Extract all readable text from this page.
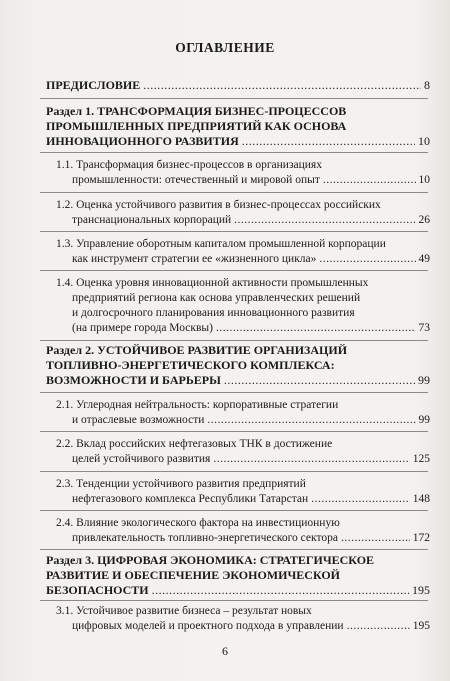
ОГЛАВЛЕНИЕ
ПРЕДИСЛОВИЕ .....	8
Раздел 1. ТРАНСФОРМАЦИЯ БИЗНЕС-ПРОЦЕССОВ
ПРОМЫШЛЕННЫХ ПРЕДПРИЯТИЙ КАК ОСНОВА
ИННОВАЦИОННОГО РАЗВИТИЯ .....	10
1.1. Трансформация бизнес-процессов в организациях
промышленности: отечественный и мировой опыт .....	10
1.2. Оценка устойчивого развития в бизнес-процессах российских
транснациональных корпораций .....	26
1.3. Управление оборотным капиталом промышленной корпорации
как инструмент стратегии ее «жизненного цикла» .....	49
1.4. Оценка уровня инновационной активности промышленных
предприятий региона как основа управленческих решений
и долгосрочного планирования инновационного развития
(на примере города Москвы) .....	73
Раздел 2. УСТОЙЧИВОЕ РАЗВИТИЕ ОРГАНИЗАЦИЙ
ТОПЛИВНО-ЭНЕРГЕТИЧЕСКОГО КОМПЛЕКСА:
ВОЗМОЖНОСТИ И БАРЬЕРЫ .....	99
2.1. Углеродная нейтральность: корпоративные стратегии
и отраслевые возможности .....	99
2.2. Вклад российских нефтегазовых ТНК в достижение
целей устойчивого развития .....	125
2.3. Тенденции устойчивого развития предприятий
нефтегазового комплекса Республики Татарстан .....	148
2.4. Влияние экологического фактора на инвестиционную
привлекательность топливно-энергетического сектора .....	172
Раздел 3. ЦИФРОВАЯ ЭКОНОМИКА: СТРАТЕГИЧЕСКОЕ
РАЗВИТИЕ И ОБЕСПЕЧЕНИЕ ЭКОНОМИЧЕСКОЙ
БЕЗОПАСНОСТИ .....	195
3.1. Устойчивое развитие бизнеса – результат новых
цифровых моделей и проектного подхода в управлении .....	195
6
